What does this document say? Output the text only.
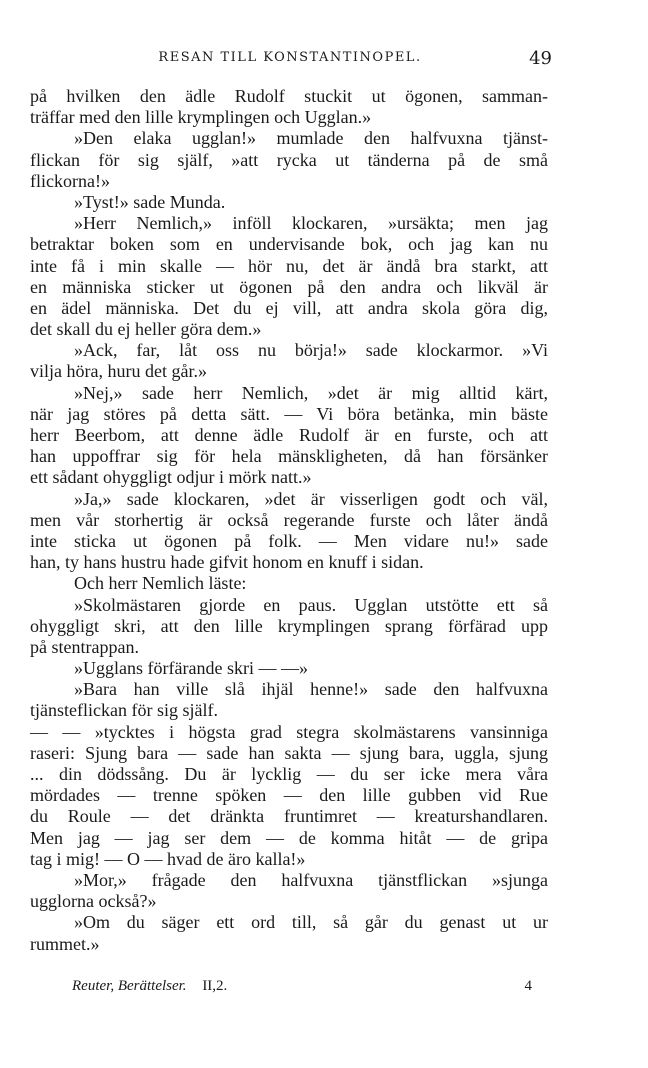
RESAN TILL KONSTANTINOPEL.	49
på hvilken den ädle Rudolf stuckit ut ögonen, samman-
träffar med den lille krymplingen och Ugglan.»
»Den elaka ugglan!» mumlade den halfvuxna tjänst-
flickan för sig själf, »att rycka ut tänderna på de små
flickorna!»
»Tyst!» sade Munda.
»Herr Nemlich,» inföll klockaren, »ursäkta; men jag
betraktar boken som en undervisande bok, och jag kan nu
inte få i min skalle — hör nu, det är ändå bra starkt, att
en människa sticker ut ögonen på den andra och likväl är
en ädel människa. Det du ej vill, att andra skola göra dig,
det skall du ej heller göra dem.»
»Ack, far, låt oss nu börja!» sade klockarmor. »Vi
vilja höra, huru det går.»
»Nej,» sade herr Nemlich, »det är mig alltid kärt,
när jag störes på detta sätt. — Vi böra betänka, min bäste
herr Beerbom, att denne ädle Rudolf är en furste, och att
han uppoffrar sig för hela mänskligheten, då han försänker
ett sådant ohyggligt odjur i mörk natt.»
»Ja,» sade klockaren, »det är visserligen godt och väl,
men vår storhertig är också regerande furste och låter ändå
inte sticka ut ögonen på folk. — Men vidare nu!» sade
han, ty hans hustru hade gifvit honom en knuff i sidan.
Och herr Nemlich läste:
»Skolmästaren gjorde en paus. Ugglan utstötte ett så
ohyggligt skri, att den lille krymplingen sprang förfärad upp
på stentrappan.
»Ugglans förfärande skri — —»
»Bara han ville slå ihjäl henne!» sade den halfvuxna
tjänsteflickan för sig själf.
— — »tycktes i högsta grad stegra skolmästarens vansinniga
raseri: Sjung bara — sade han sakta — sjung bara, uggla, sjung
... din dödssång. Du är lycklig — du ser icke mera våra
mördades — trenne spöken — den lille gubben vid Rue
du Roule — det dränkta fruntimret — kreaturshandlaren.
Men jag — jag ser dem — de komma hitåt — de gripa
tag i mig! — O — hvad de äro kalla!»
»Mor,» frågade den halfvuxna tjänstflickan »sjunga
ugglorna också?»
»Om du säger ett ord till, så går du genast ut ur
rummet.»
Reuter, Berättelser. II,2.	4
